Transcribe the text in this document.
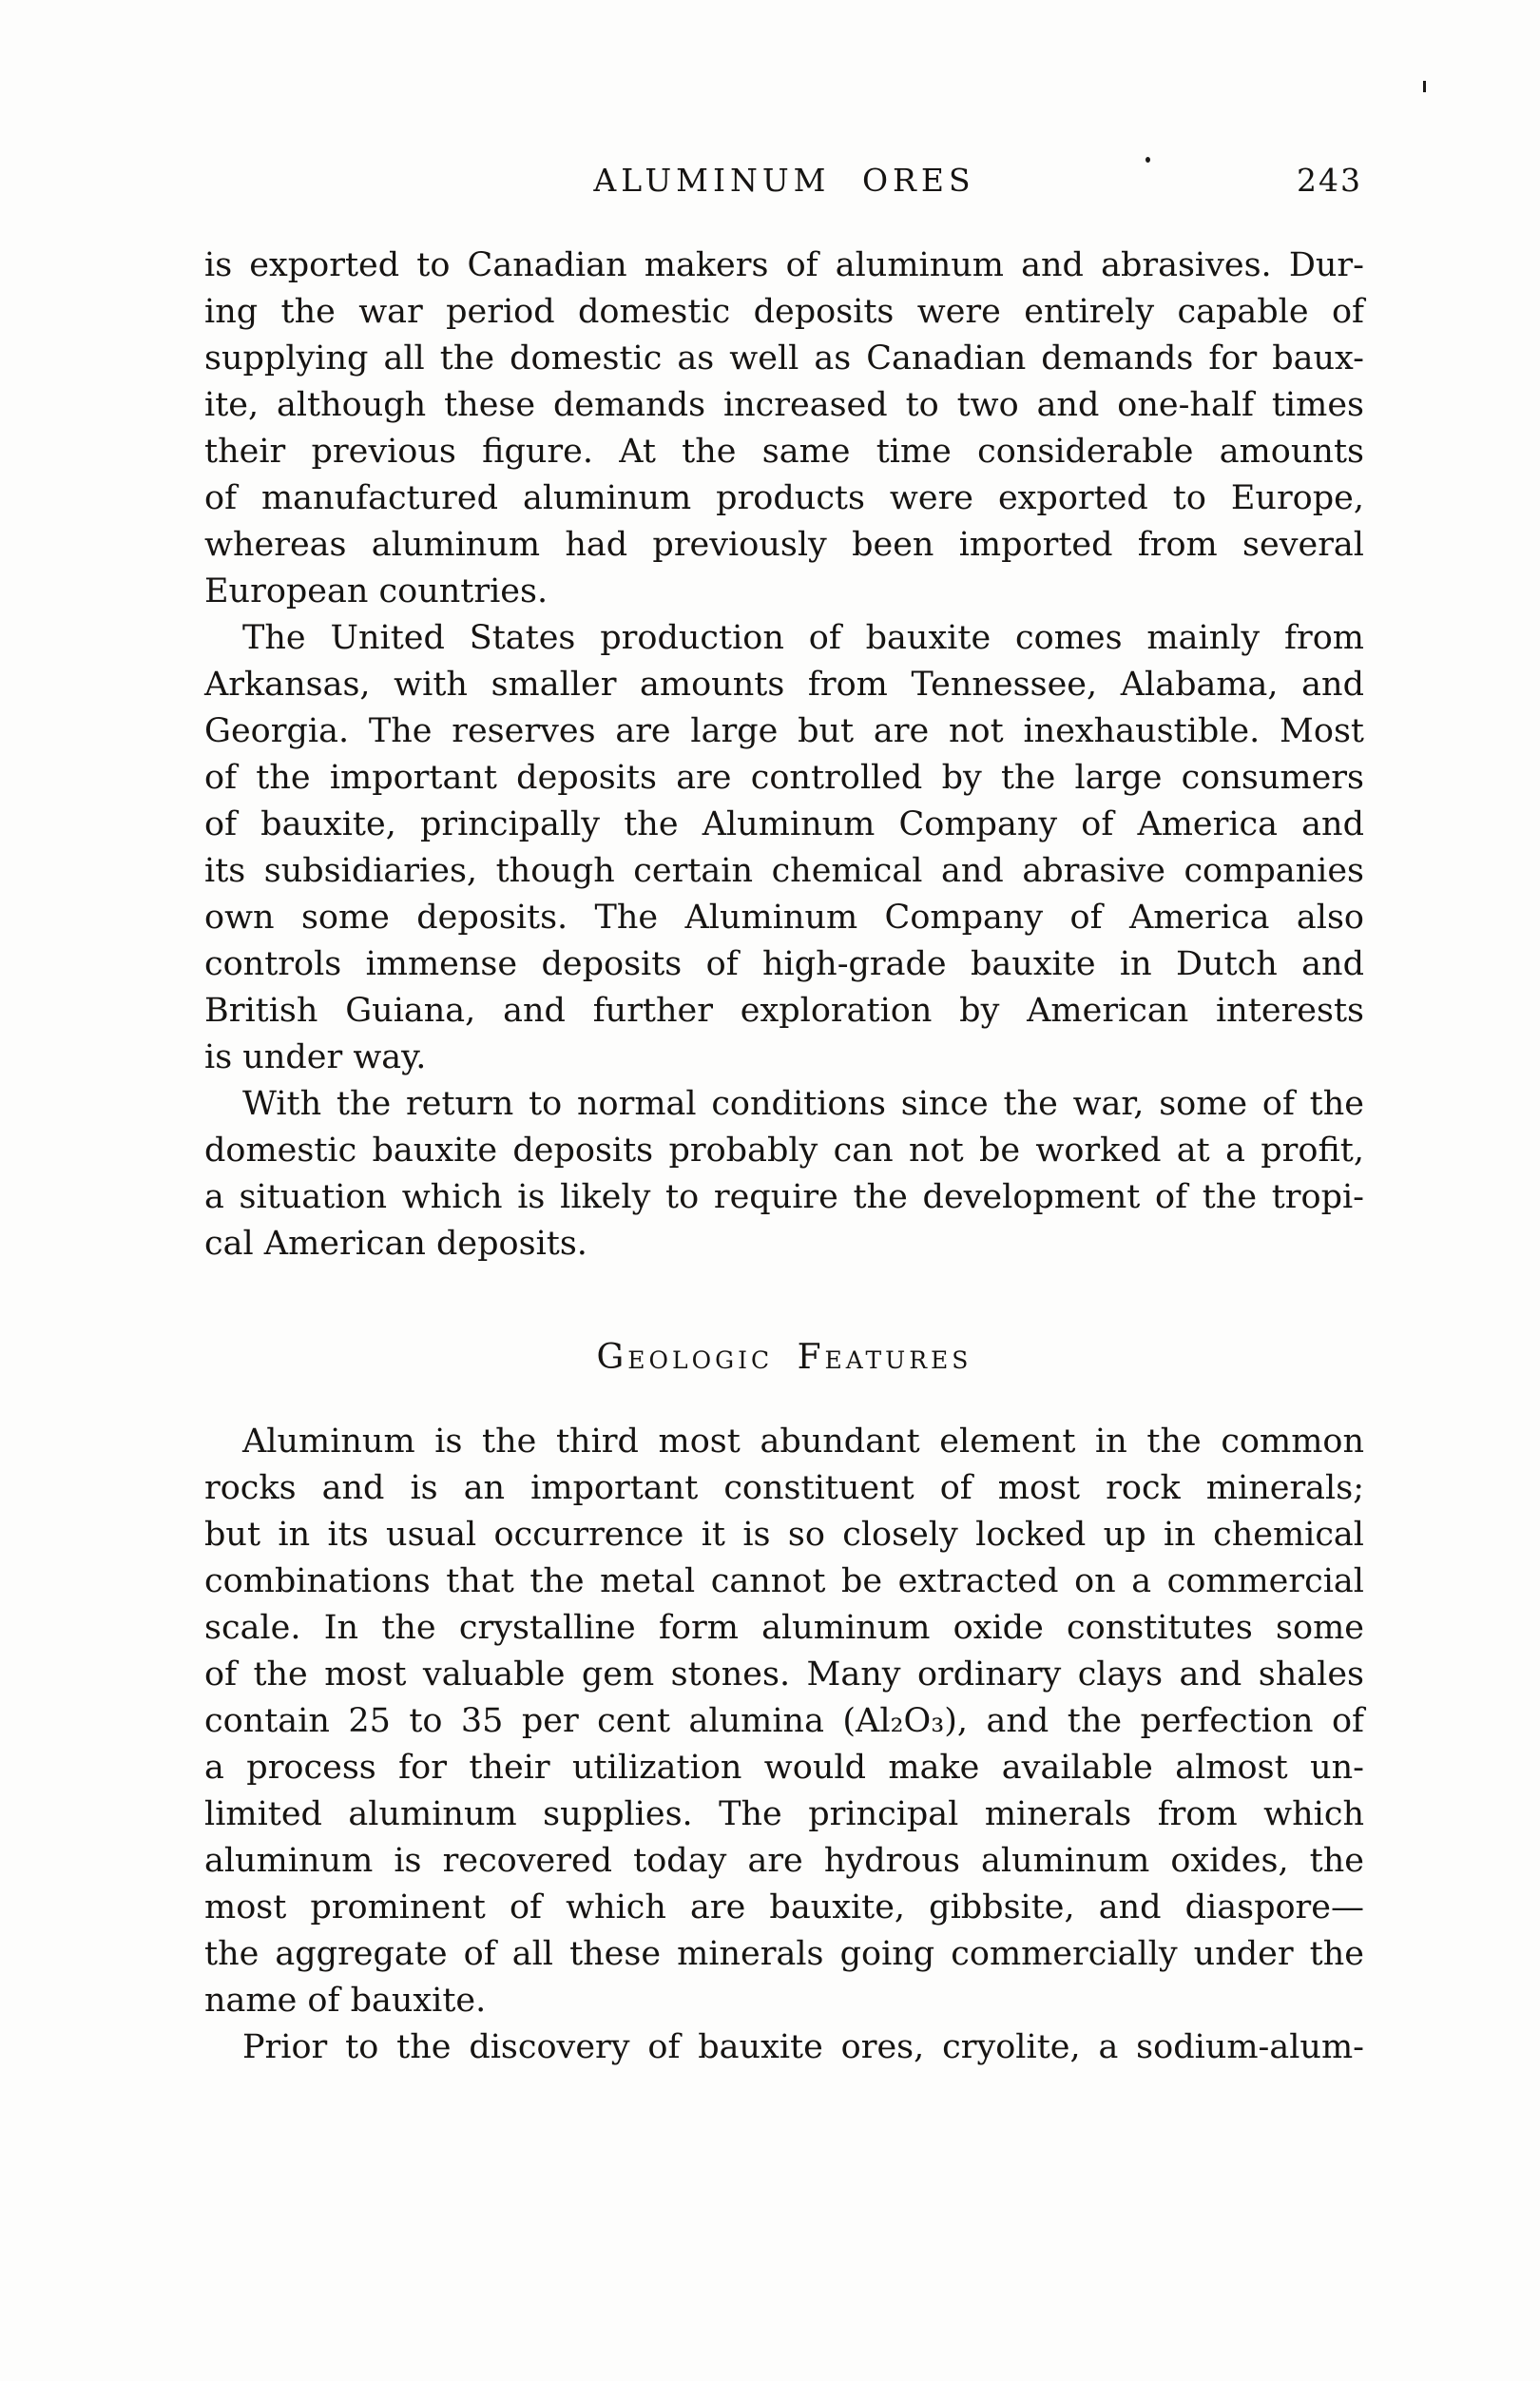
ALUMINUM ORES	243
is exported to Canadian makers of aluminum and abrasives. Dur-
ing the war period domestic deposits were entirely capable of
supplying all the domestic as well as Canadian demands for baux-
ite, although these demands increased to two and one-half times
their previous figure. At the same time considerable amounts
of manufactured aluminum products were exported to Europe,
whereas aluminum had previously been imported from several
European countries.
The United States production of bauxite comes mainly from
Arkansas, with smaller amounts from Tennessee, Alabama, and
Georgia. The reserves are large but are not inexhaustible. Most
of the important deposits are controlled by the large consumers
of bauxite, principally the Aluminum Company of America and
its subsidiaries, though certain chemical and abrasive companies
own some deposits. The Aluminum Company of America also
controls immense deposits of high-grade bauxite in Dutch and
British Guiana, and further exploration by American interests
is under way.
With the return to normal conditions since the war, some of the
domestic bauxite deposits probably can not be worked at a profit,
a situation which is likely to require the development of the tropi-
cal American deposits.
Geologic Features
Aluminum is the third most abundant element in the common
rocks and is an important constituent of most rock minerals;
but in its usual occurrence it is so closely locked up in chemical
combinations that the metal cannot be extracted on a commercial
scale. In the crystalline form aluminum oxide constitutes some
of the most valuable gem stones. Many ordinary clays and shales
contain 25 to 35 per cent alumina (Al₂O₃), and the perfection of
a process for their utilization would make available almost un-
limited aluminum supplies. The principal minerals from which
aluminum is recovered today are hydrous aluminum oxides, the
most prominent of which are bauxite, gibbsite, and diaspore—
the aggregate of all these minerals going commercially under the
name of bauxite.
Prior to the discovery of bauxite ores, cryolite, a sodium-alum-
